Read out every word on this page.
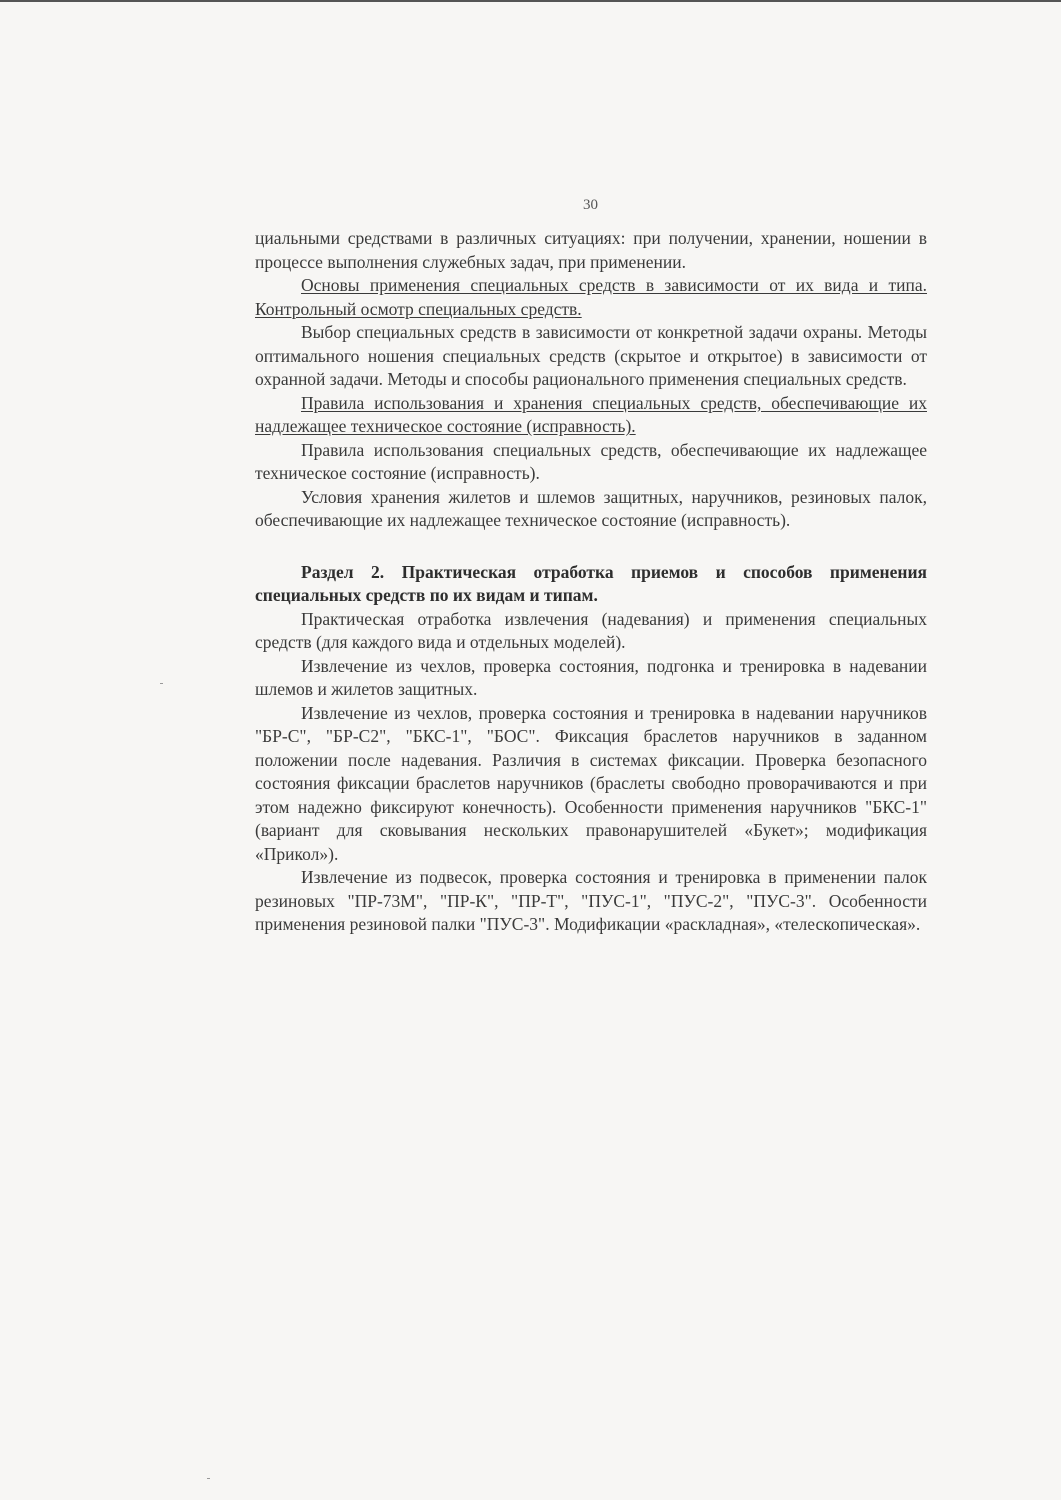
30

циальными средствами в различных ситуациях: при получении, хранении, ношении в процессе выполнения служебных задач, при применении.

Основы применения специальных средств в зависимости от их вида и типа. Контрольный осмотр специальных средств.

Выбор специальных средств в зависимости от конкретной задачи охраны. Методы оптимального ношения специальных средств (скрытое и открытое) в зависимости от охранной задачи. Методы и способы рационального применения специальных средств.

Правила использования и хранения специальных средств, обеспечивающие их надлежащее техническое состояние (исправность).

Правила использования специальных средств, обеспечивающие их надлежащее техническое состояние (исправность).

Условия хранения жилетов и шлемов защитных, наручников, резиновых палок, обеспечивающие их надлежащее техническое состояние (исправность).

Раздел 2. Практическая отработка приемов и способов применения специальных средств по их видам и типам.

Практическая отработка извлечения (надевания) и применения специальных средств (для каждого вида и отдельных моделей).

Извлечение из чехлов, проверка состояния, подгонка и тренировка в надевании шлемов и жилетов защитных.

Извлечение из чехлов, проверка состояния и тренировка в надевании наручников "БР-С", "БР-С2", "БКС-1", "БОС". Фиксация браслетов наручников в заданном положении после надевания. Различия в системах фиксации. Проверка безопасного состояния фиксации браслетов наручников (браслеты свободно проворачиваются и при этом надежно фиксируют конечность). Особенности применения наручников "БКС-1" (вариант для сковывания нескольких правонарушителей «Букет»; модификация «Прикол»).

Извлечение из подвесок, проверка состояния и тренировка в применении палок резиновых "ПР-73М", "ПР-К", "ПР-Т", "ПУС-1", "ПУС-2", "ПУС-3". Особенности применения резиновой палки "ПУС-3". Модификации «раскладная», «телескопическая».
